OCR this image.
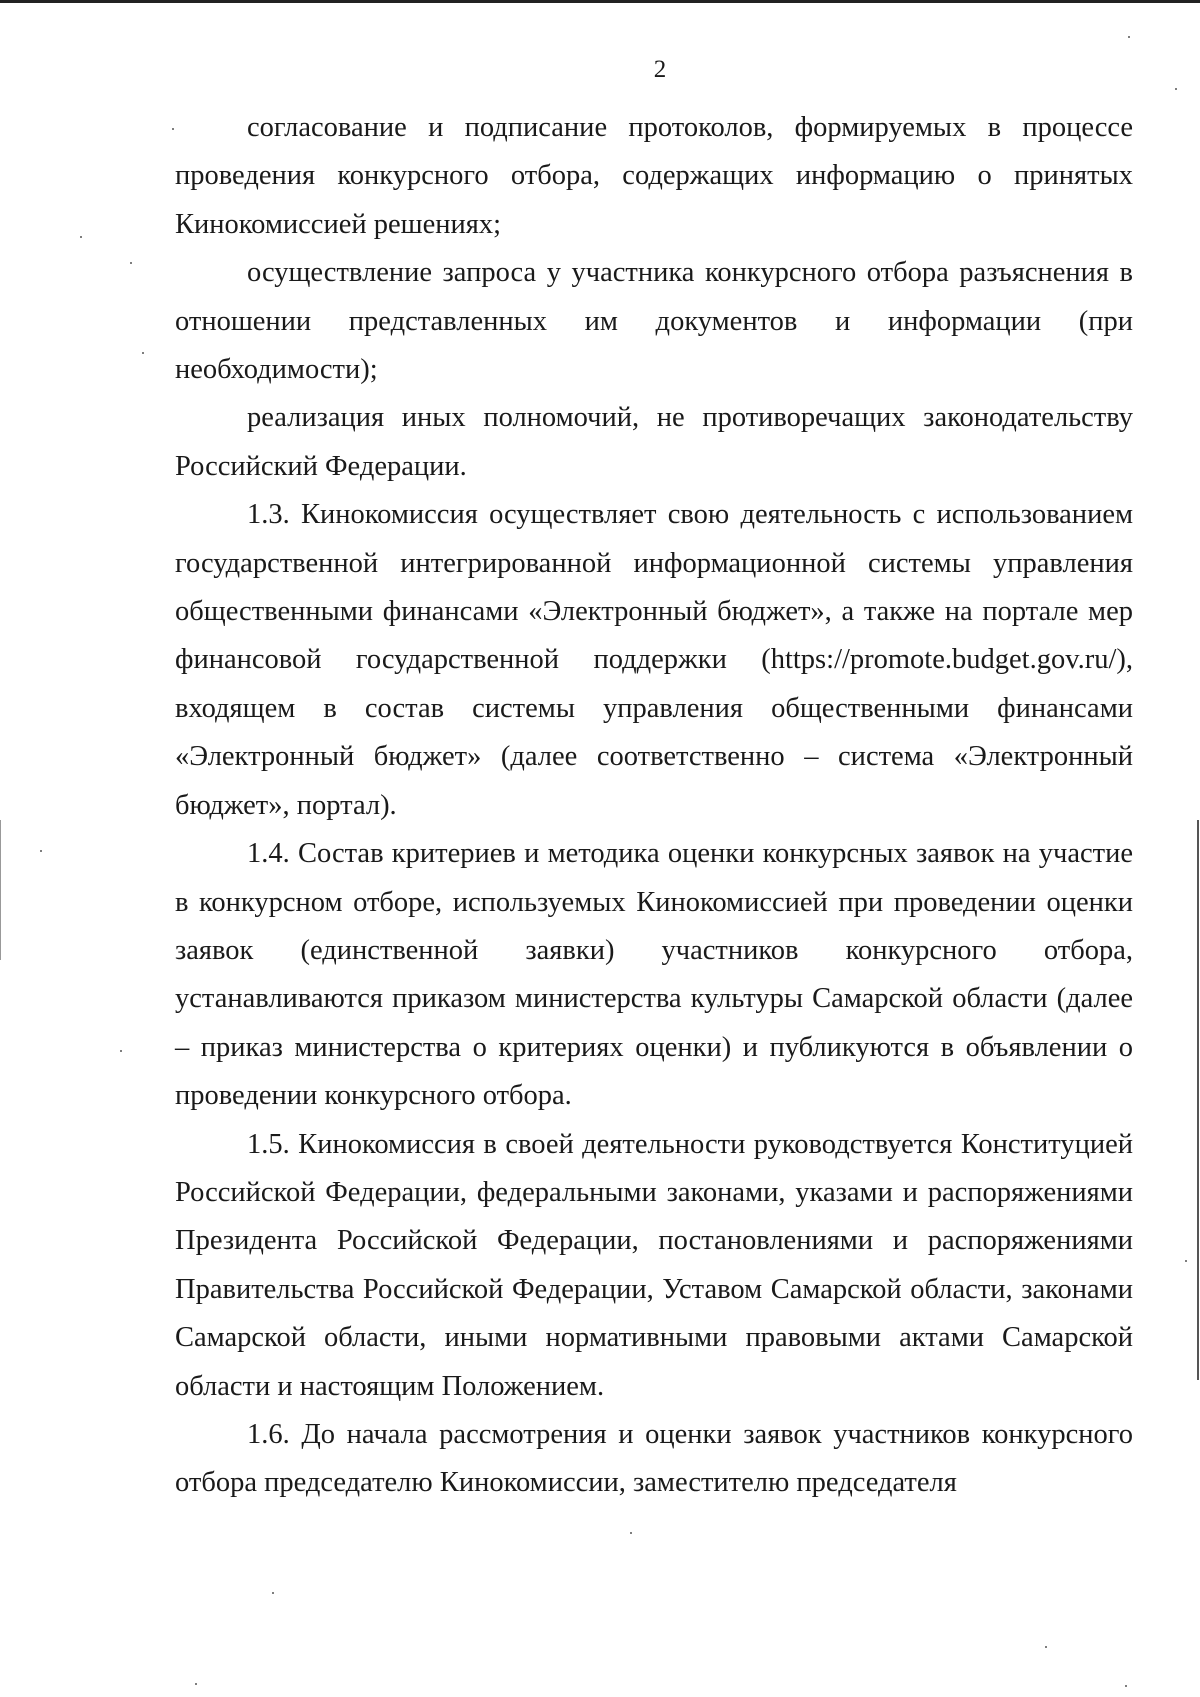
2

согласование и подписание протоколов, формируемых в процессе проведения конкурсного отбора, содержащих информацию о принятых Кинокомиссией решениях;

осуществление запроса у участника конкурсного отбора разъяснения в отношении представленных им документов и информации (при необходимости);

реализация иных полномочий, не противоречащих законодательству Российский Федерации.

1.3. Кинокомиссия осуществляет свою деятельность с использованием государственной интегрированной информационной системы управления общественными финансами «Электронный бюджет», а также на портале мер финансовой государственной поддержки (https://promote.budget.gov.ru/), входящем в состав системы управления общественными финансами «Электронный бюджет» (далее соответственно – система «Электронный бюджет», портал).

1.4. Состав критериев и методика оценки конкурсных заявок на участие в конкурсном отборе, используемых Кинокомиссией при проведении оценки заявок (единственной заявки) участников конкурсного отбора, устанавливаются приказом министерства культуры Самарской области (далее – приказ министерства о критериях оценки) и публикуются в объявлении о проведении конкурсного отбора.

1.5. Кинокомиссия в своей деятельности руководствуется Конституцией Российской Федерации, федеральными законами, указами и распоряжениями Президента Российской Федерации, постановлениями и распоряжениями Правительства Российской Федерации, Уставом Самарской области, законами Самарской области, иными нормативными правовыми актами Самарской области и настоящим Положением.

1.6. До начала рассмотрения и оценки заявок участников конкурсного отбора председателю Кинокомиссии, заместителю председателя
